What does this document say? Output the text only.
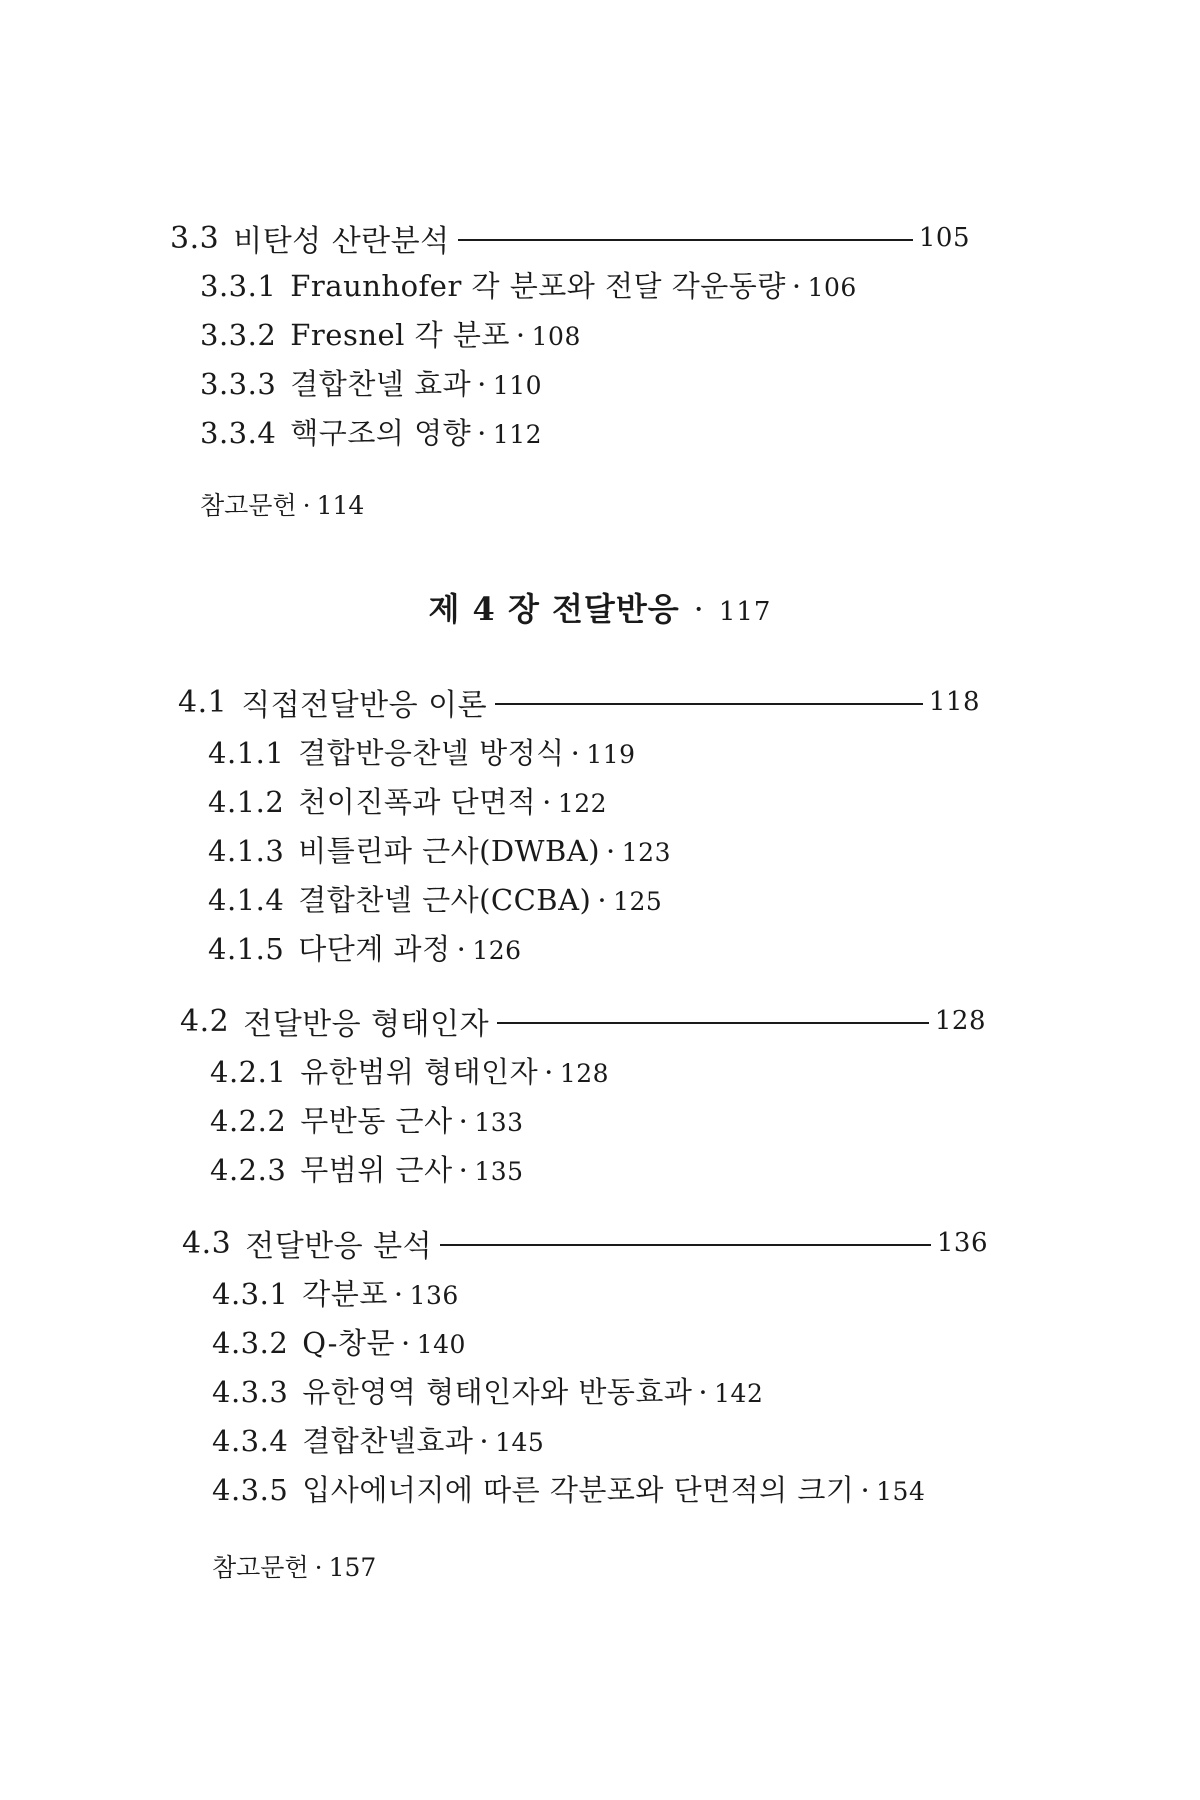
3.3 비탄성 산란분석	105
3.3.1 Fraunhofer 각 분포와 전달 각운동량 · 106
3.3.2 Fresnel 각 분포 · 108
3.3.3 결합찬넬 효과 · 110
3.3.4 핵구조의 영향 · 112
참고문헌 · 114
제 4 장 전달반응 · 117
4.1 직접전달반응 이론	118
4.1.1 결합반응찬넬 방정식 · 119
4.1.2 천이진폭과 단면적 · 122
4.1.3 비틀린파 근사(DWBA) · 123
4.1.4 결합찬넬 근사(CCBA) · 125
4.1.5 다단계 과정 · 126
4.2 전달반응 형태인자	128
4.2.1 유한범위 형태인자 · 128
4.2.2 무반동 근사 · 133
4.2.3 무범위 근사 · 135
4.3 전달반응 분석	136
4.3.1 각분포 · 136
4.3.2 Q-창문 · 140
4.3.3 유한영역 형태인자와 반동효과 · 142
4.3.4 결합찬넬효과 · 145
4.3.5 입사에너지에 따른 각분포와 단면적의 크기 · 154
참고문헌 · 157
